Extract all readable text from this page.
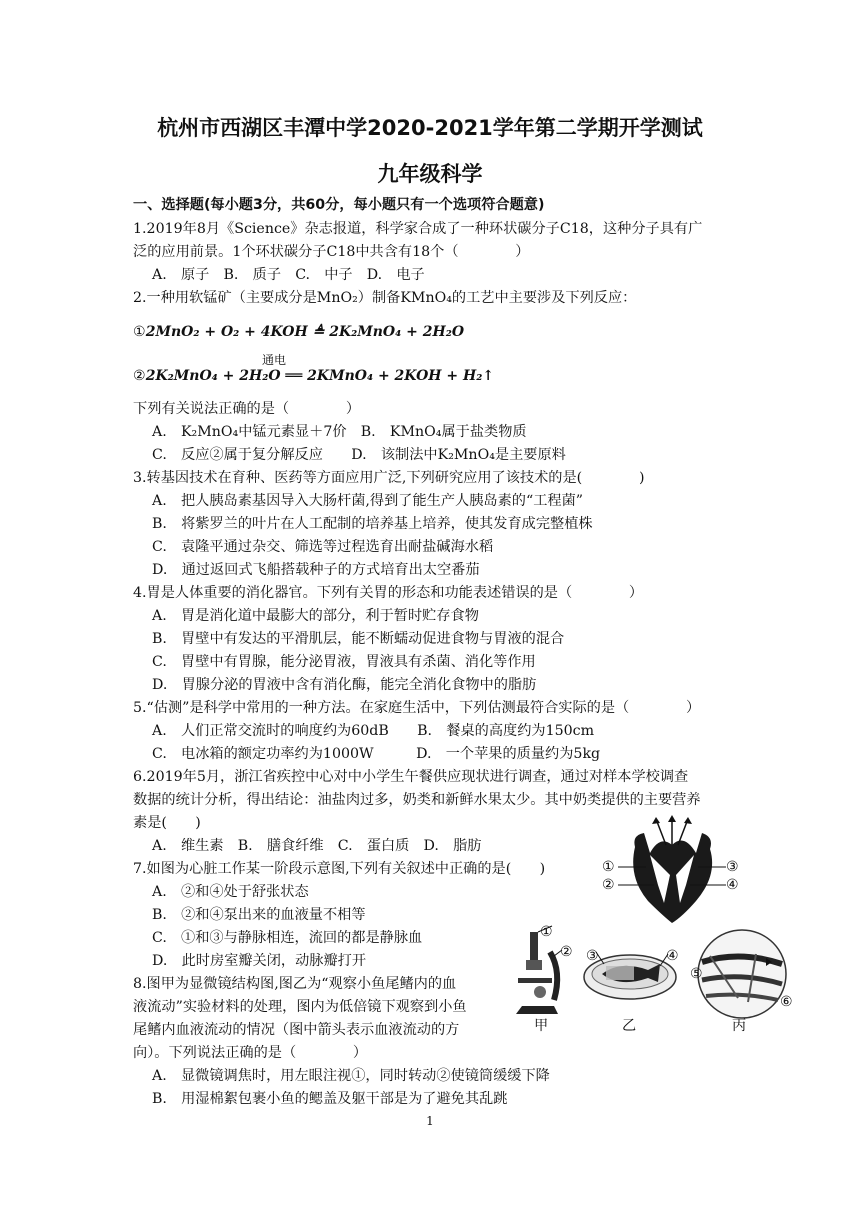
杭州市西湖区丰潭中学2020-2021学年第二学期开学测试
九年级科学
一、选择题(每小题3分，共60分，每小题只有一个选项符合题意)
1.2019年8月《Science》杂志报道，科学家合成了一种环状碳分子C18，这种分子具有广
泛的应用前景。1个环状碳分子C18中共含有18个（　　　　）
A.　原子　B.　质子　C.　中子　D.　电子
2.一种用软锰矿（主要成分是MnO₂）制备KMnO₄的工艺中主要涉及下列反应：
①2MnO₂ + O₂ + 4KOH ≜ 2K₂MnO₄ + 2H₂O
通电
②2K₂MnO₄ + 2H₂O ══ 2KMnO₄ + 2KOH + H₂↑
下列有关说法正确的是（　　　　）
A.　K₂MnO₄中锰元素显＋7价　B.　KMnO₄属于盐类物质
C.　反应②属于复分解反应　　D.　该制法中K₂MnO₄是主要原料
3.转基因技术在育种、医药等方面应用广泛,下列研究应用了该技术的是(　　　　)
A.　把人胰岛素基因导入大肠杆菌,得到了能生产人胰岛素的“工程菌”
B.　将紫罗兰的叶片在人工配制的培养基上培养，使其发育成完整植株
C.　袁隆平通过杂交、筛选等过程选育出耐盐碱海水稻
D.　通过返回式飞船搭载种子的方式培育出太空番茄
4.胃是人体重要的消化器官。下列有关胃的形态和功能表述错误的是（　　　　）
A.　胃是消化道中最膨大的部分，利于暂时贮存食物
B.　胃壁中有发达的平滑肌层，能不断蠕动促进食物与胃液的混合
C.　胃壁中有胃腺，能分泌胃液，胃液具有杀菌、消化等作用
D.　胃腺分泌的胃液中含有消化酶，能完全消化食物中的脂肪
5.“估测”是科学中常用的一种方法。在家庭生活中，下列估测最符合实际的是（　　　　）
A.　人们正常交流时的响度约为60dB　　B.　餐桌的高度约为150cm
C.　电冰箱的额定功率约为1000W　　　D.　一个苹果的质量约为5kg
6.2019年5月，浙江省疾控中心对中小学生午餐供应现状进行调查，通过对样本学校调查
数据的统计分析，得出结论：油盐肉过多，奶类和新鲜水果太少。其中奶类提供的主要营养
素是(　　)
A.　维生素　B.　膳食纤维　C.　蛋白质　D.　脂肪
7.如图为心脏工作某一阶段示意图,下列有关叙述中正确的是(　　)
A.　②和④处于舒张状态
B.　②和④泵出来的血液量不相等
C.　①和③与静脉相连，流回的都是静脉血
D.　此时房室瓣关闭，动脉瓣打开
①
②
③
④
8.图甲为显微镜结构图,图乙为“观察小鱼尾鳍内的血
液流动”实验材料的处理，图内为低倍镜下观察到小鱼
尾鳍内血液流动的情况（图中箭头表示血液流动的方
向）。下列说法正确的是（　　　　）
A.　显微镜调焦时，用左眼注视①，同时转动②使镜筒缓缓下降
B.　用湿棉絮包裹小鱼的鳃盖及躯干部是为了避免其乱跳
①
② ③	④
⑤
⑥
甲	乙	丙
1
